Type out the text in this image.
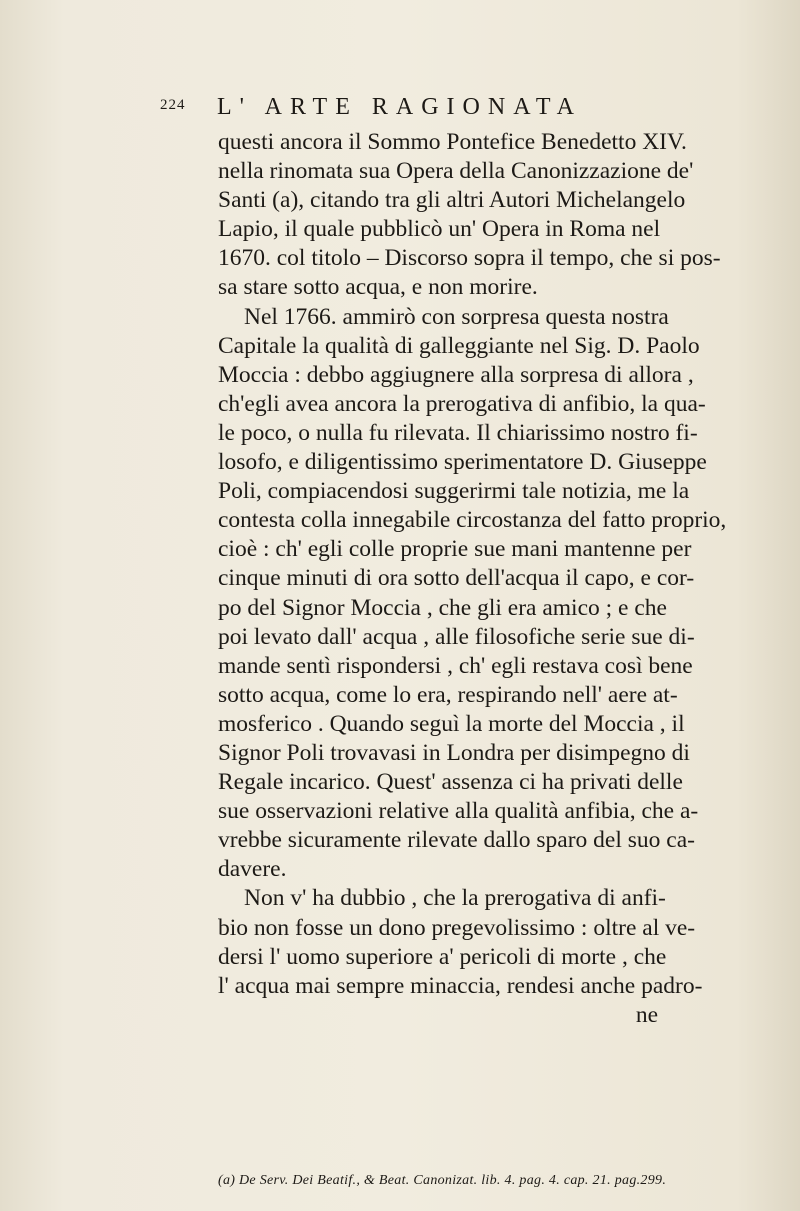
224 L' ARTE RAGIONATA
questi ancora il Sommo Pontefice Benedetto XIV.
nella rinomata sua Opera della Canonizzazione de'
Santi (a), citando tra gli altri Autori Michelangelo
Lapio, il quale pubblicò un' Opera in Roma nel
1670. col titolo – Discorso sopra il tempo, che si pos-
sa stare sotto acqua, e non morire.
Nel 1766. ammirò con sorpresa questa nostra
Capitale la qualità di galleggiante nel Sig. D. Paolo
Moccia : debbo aggiugnere alla sorpresa di allora ,
ch'egli avea ancora la prerogativa di anfibio, la qua-
le poco, o nulla fu rilevata. Il chiarissimo nostro fi-
losofo, e diligentissimo sperimentatore D. Giuseppe
Poli, compiacendosi suggerirmi tale notizia, me la
contesta colla innegabile circostanza del fatto proprio,
cioè : ch' egli colle proprie sue mani mantenne per
cinque minuti di ora sotto dell'acqua il capo, e cor-
po del Signor Moccia , che gli era amico ; e che
poi levato dall' acqua , alle filosofiche serie sue di-
mande sentì rispondersi , ch' egli restava così bene
sotto acqua, come lo era, respirando nell' aere at-
mosferico . Quando seguì la morte del Moccia , il
Signor Poli trovavasi in Londra per disimpegno di
Regale incarico. Quest' assenza ci ha privati delle
sue osservazioni relative alla qualità anfibia, che a-
vrebbe sicuramente rilevate dallo sparo del suo ca-
davere.
Non v' ha dubbio , che la prerogativa di anfi-
bio non fosse un dono pregevolissimo : oltre al ve-
dersi l' uomo superiore a' pericoli di morte , che
l' acqua mai sempre minaccia, rendesi anche padro-
ne
(a) De Serv. Dei Beatif., & Beat. Canonizat. lib. 4. pag. 4. cap. 21. pag.299.
